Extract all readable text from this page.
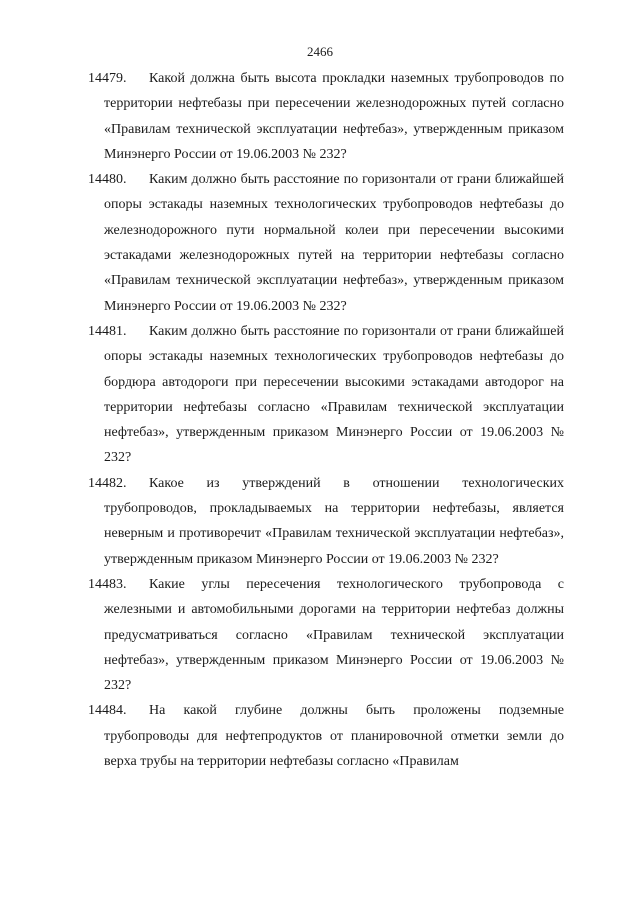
2466
14479.	Какой должна быть высота прокладки наземных трубопроводов по территории нефтебазы при пересечении железнодорожных путей согласно «Правилам технической эксплуатации нефтебаз», утвержденным приказом Минэнерго России от 19.06.2003 № 232?
14480.	Каким должно быть расстояние по горизонтали от грани ближайшей опоры эстакады наземных технологических трубопроводов нефтебазы до железнодорожного пути нормальной колеи при пересечении высокими эстакадами железнодорожных путей на территории нефтебазы согласно «Правилам технической эксплуатации нефтебаз», утвержденным приказом Минэнерго России от 19.06.2003 № 232?
14481.	Каким должно быть расстояние по горизонтали от грани ближайшей опоры эстакады наземных технологических трубопроводов нефтебазы до бордюра автодороги при пересечении высокими эстакадами автодорог на территории нефтебазы согласно «Правилам технической эксплуатации нефтебаз», утвержденным приказом Минэнерго России от 19.06.2003 № 232?
14482.	Какое из утверждений в отношении технологических трубопроводов, прокладываемых на территории нефтебазы, является неверным и противоречит «Правилам технической эксплуатации нефтебаз», утвержденным приказом Минэнерго России от 19.06.2003 № 232?
14483.	Какие углы пересечения технологического трубопровода с железными и автомобильными дорогами на территории нефтебаз должны предусматриваться согласно «Правилам технической эксплуатации нефтебаз», утвержденным приказом Минэнерго России от 19.06.2003 № 232?
14484.	На какой глубине должны быть проложены подземные трубопроводы для нефтепродуктов от планировочной отметки земли до верха трубы на территории нефтебазы согласно «Правилам
